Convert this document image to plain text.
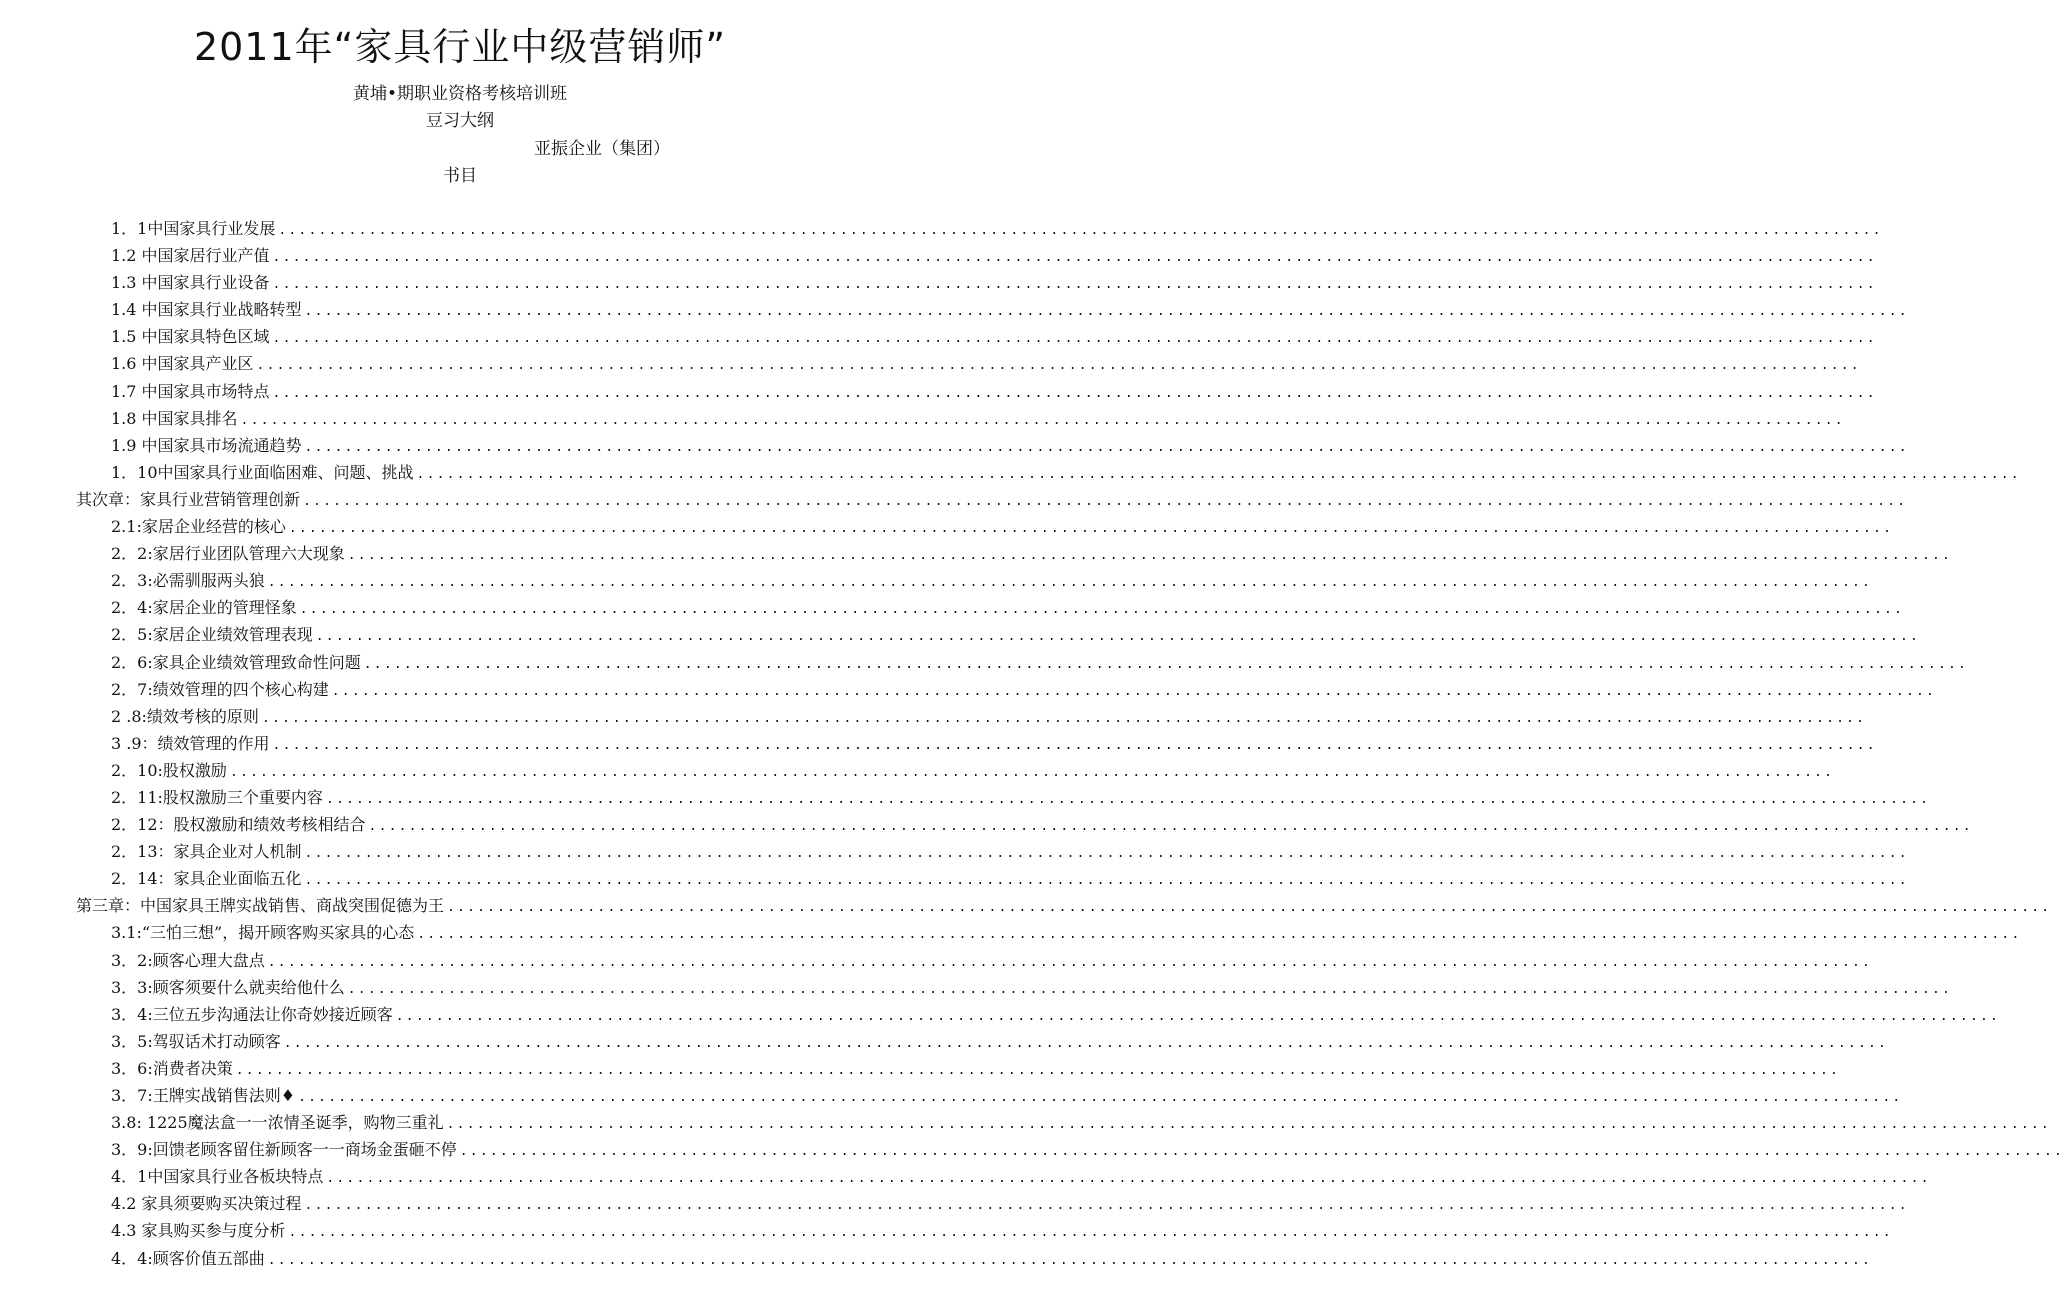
2011年“家具行业中级营销师”
黄埔•期职业资格考核培训班
豆习大纲
亚振企业（集团）
书目
1．1中国家具行业发展 ................................................................................................................................................................
1.2 中国家居行业产值 ................................................................................................................................................................
1.3 中国家具行业设备 ................................................................................................................................................................
1.4 中国家具行业战略转型 ................................................................................................................................................................
1.5 中国家具特色区域 ................................................................................................................................................................
1.6 中国家具产业区 ................................................................................................................................................................
1.7 中国家具市场特点 ................................................................................................................................................................
1.8 中国家具排名 ................................................................................................................................................................
1.9 中国家具市场流通趋势 ................................................................................................................................................................
1．10中国家具行业面临困难、问题、挑战 ................................................................................................................................................................
其次章：家具行业营销管理创新 ................................................................................................................................................................
2.1:家居企业经营的核心 ................................................................................................................................................................
2．2:家居行业团队管理六大现象 ................................................................................................................................................................
2．3:必需驯服两头狼 ................................................................................................................................................................
2．4:家居企业的管理怪象 ................................................................................................................................................................
2．5:家居企业绩效管理表现 ................................................................................................................................................................
2．6:家具企业绩效管理致命性问题 ................................................................................................................................................................
2．7:绩效管理的四个核心构建 ................................................................................................................................................................
2 .8:绩效考核的原则 ................................................................................................................................................................
3 .9：绩效管理的作用 ................................................................................................................................................................
2．10:股权激励 ................................................................................................................................................................
2．11:股权激励三个重要内容 ................................................................................................................................................................
2．12：股权激励和绩效考核相结合 ................................................................................................................................................................
2．13：家具企业对人机制 ................................................................................................................................................................
2．14：家具企业面临五化 ................................................................................................................................................................
第三章：中国家具王牌实战销售、商战突围促德为王 ................................................................................................................................................................
3.1:“三怕三想”，揭开顾客购买家具的心态 ................................................................................................................................................................
3．2:顾客心理大盘点 ................................................................................................................................................................
3．3:顾客须要什么就卖给他什么 ................................................................................................................................................................
3．4:三位五步沟通法让你奇妙接近顾客 ................................................................................................................................................................
3．5:驾驭话术打动顾客 ................................................................................................................................................................
3．6:消费者决策 ................................................................................................................................................................
3．7:王牌实战销售法则♦ ................................................................................................................................................................
3.8: 1225魔法盒一一浓情圣诞季，购物三重礼 ................................................................................................................................................................
3．9:回馈老顾客留住新顾客一一商场金蛋砸不停 ................................................................................................................................................................
4．1中国家具行业各板块特点 ................................................................................................................................................................
4.2 家具须要购买决策过程 ................................................................................................................................................................
4.3 家具购买参与度分析 ................................................................................................................................................................
4．4:顾客价值五部曲 ................................................................................................................................................................
